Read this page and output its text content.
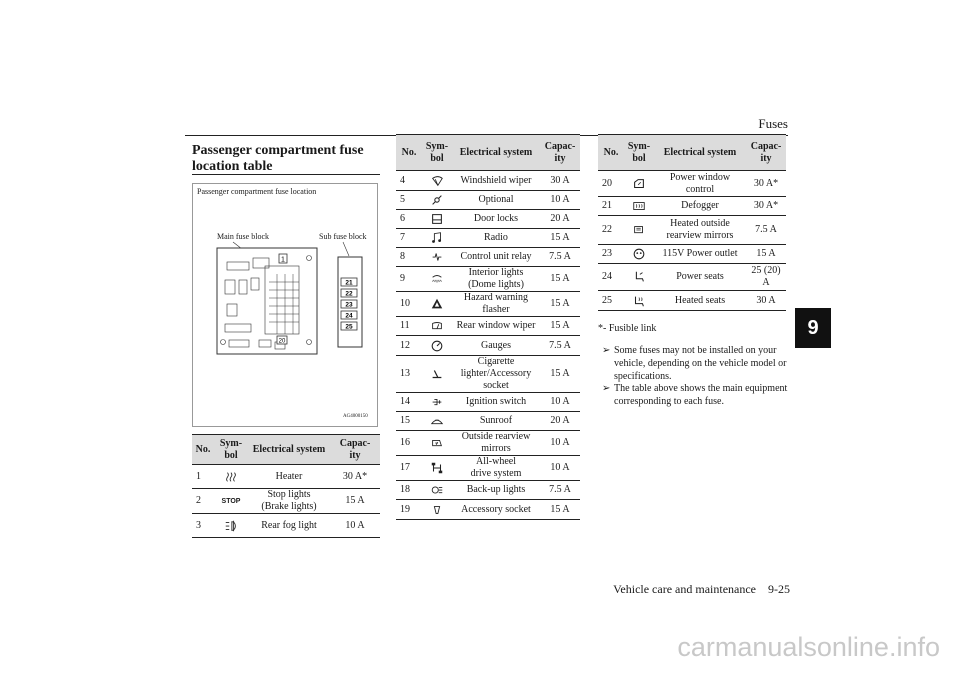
Fuses
9
Passenger compartment fuse location table
Passenger compartment fuse location
Main fuse block	Sub fuse block
1
20
21
22
23
24
25
AG4000150
No.	Sym-
bol	Electrical system	Capac-
ity
1		Heater	30 A*
2	STOP	Stop lights
(Brake lights)	15 A
3		Rear fog light	10 A
No.	Sym-
bol	Electrical system	Capac-
ity
4		Windshield wiper	30 A
5		Optional	10 A
6		Door locks	20 A
7		Radio	15 A
8		Control unit relay	7.5 A
9		Interior lights
(Dome lights)	15 A
10		Hazard warning
flasher	15 A
11		Rear window wiper	15 A
12		Gauges	7.5 A
13		Cigarette
lighter/Accessory
socket	15 A
14		Ignition switch	10 A
15		Sunroof	20 A
16		Outside rearview
mirrors	10 A
17		All-wheel
drive system	10 A
18		Back-up lights	7.5 A
19		Accessory socket	15 A
No.	Sym-
bol	Electrical system	Capac-
ity
20		Power window
control	30 A*
21		Defogger	30 A*
22		Heated outside
rearview mirrors	7.5 A
23		115V Power outlet	15 A
24		Power seats	25 (20)
A
25		Heated seats	30 A
*- Fusible link
➢ Some fuses may not be installed on your vehicle, depending on the vehicle model or specifications.
➢ The table above shows the main equipment corresponding to each fuse.
Vehicle care and maintenance    9-25
carmanualsonline.info
